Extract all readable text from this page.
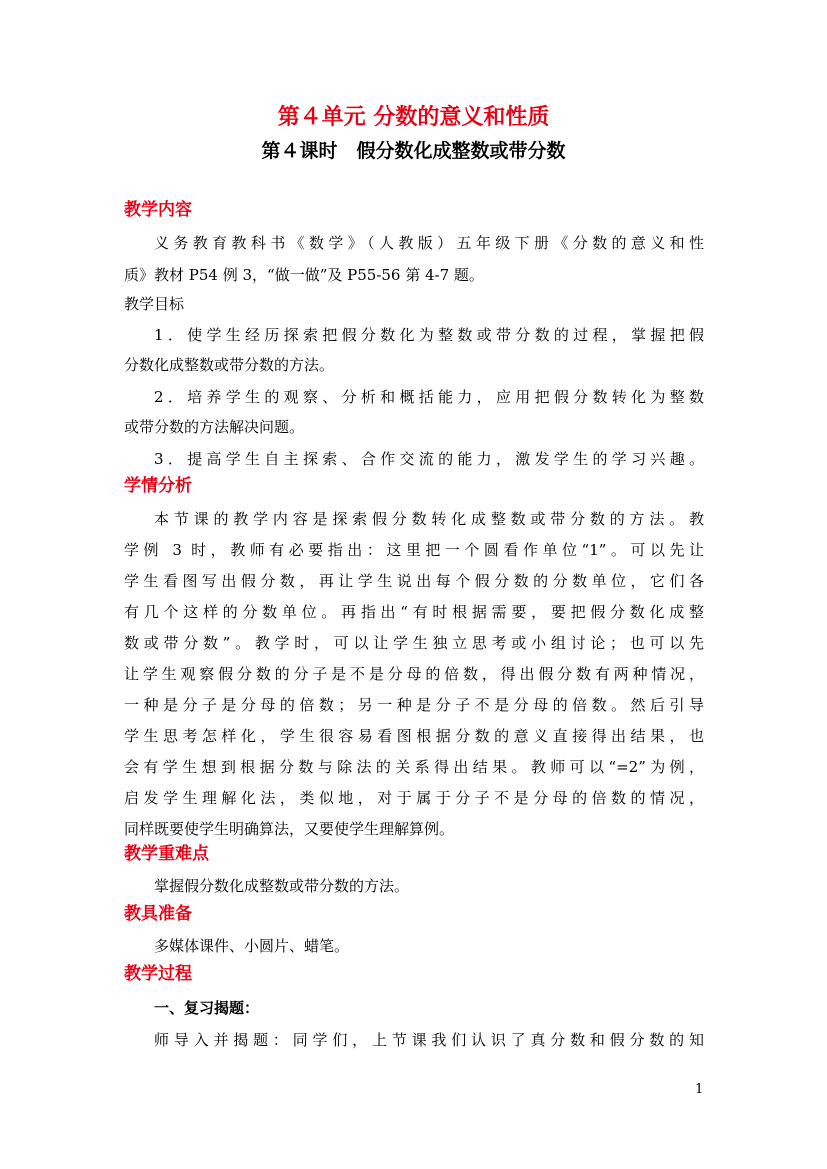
第４单元 分数的意义和性质
第４课时　假分数化成整数或带分数
教学内容
义务教育教科书《数学》（人教版）五年级下册《分数的意义和性
质》教材 P54 例 3，“做一做”及 P55-56 第 4-7 题。
教学目标
1．使学生经历探索把假分数化为整数或带分数的过程，掌握把假
分数化成整数或带分数的方法。
2．培养学生的观察、分析和概括能力，应用把假分数转化为整数
或带分数的方法解决问题。
3．提高学生自主探索、合作交流的能力，激发学生的学习兴趣。
学情分析
本节课的教学内容是探索假分数转化成整数或带分数的方法。教
学例 3 时，教师有必要指出：这里把一个圆看作单位“1”。可以先让
学生看图写出假分数，再让学生说出每个假分数的分数单位，它们各
有几个这样的分数单位。再指出“有时根据需要，要把假分数化成整
数或带分数”。教学时，可以让学生独立思考或小组讨论；也可以先
让学生观察假分数的分子是不是分母的倍数，得出假分数有两种情况，
一种是分子是分母的倍数；另一种是分子不是分母的倍数。然后引导
学生思考怎样化，学生很容易看图根据分数的意义直接得出结果，也
会有学生想到根据分数与除法的关系得出结果。教师可以“=2”为例，
启发学生理解化法，类似地，对于属于分子不是分母的倍数的情况，
同样既要使学生明确算法，又要使学生理解算例。
教学重难点
掌握假分数化成整数或带分数的方法。
教具准备
多媒体课件、小圆片、蜡笔。
教学过程
一、复习揭题：
师导入并揭题：同学们，上节课我们认识了真分数和假分数的知
1
